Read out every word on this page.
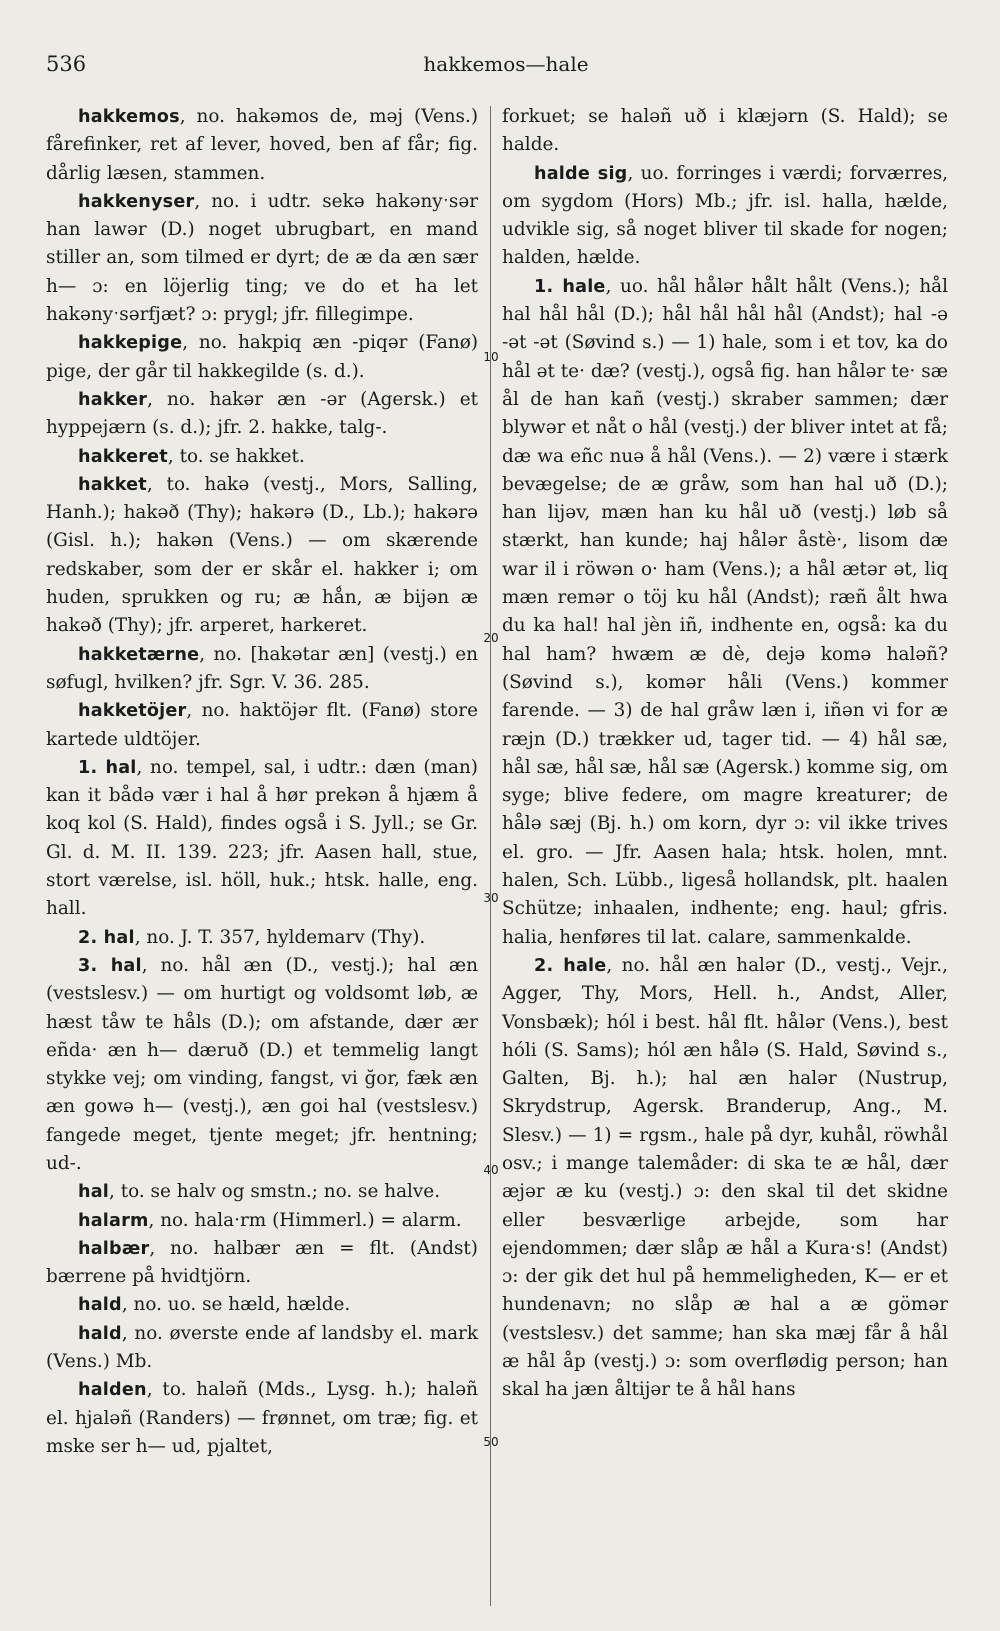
536	hakkemos—hale

hakkemos, no. hakəmos de, məj (Vens.) fårefinker, ret af lever, hoved, ben af får; fig. dårlig læsen, stammen.

hakkenyser, no. i udtr. sekə hakənyˑsər han lawər (D.) noget ubrugbart, en mand stiller an, som tilmed er dyrt; de æ da æn sær h— ɔ: en löjerlig ting; ve do et ha let hakənyˑsərfjæt? ɔ: prygl; jfr. fillegimpe.

hakkepige, no. hakpiq æn -piqər (Fanø) pige, der går til hakkegilde (s. d.).

hakker, no. hakər æn -ər (Agersk.) et hyppejærn (s. d.); jfr. 2. hakke, talg-.

hakkeret, to. se hakket.

hakket, to. hakə (vestj., Mors, Salling, Hanh.); hakəð (Thy); hakərə (D., Lb.); hakərə (Gisl. h.); hakən (Vens.) — om skærende redskaber, som der er skår el. hakker i; om huden, sprukken og ru; æ hǻn, æ bijən æ hakəð (Thy); jfr. arperet, harkeret.

hakketærne, no. [hakətar æn] (vestj.) en søfugl, hvilken? jfr. Sgr. V. 36. 285.

hakketöjer, no. haktöjər flt. (Fanø) store kartede uldtöjer.

1. hal, no. tempel, sal, i udtr.: dæn (man) kan it bådə vær i hal å hør prekən å hjæm å koq kol (S. Hald), findes også i S. Jyll.; se Gr. Gl. d. M. II. 139. 223; jfr. Aasen hall, stue, stort værelse, isl. höll, huk.; htsk. halle, eng. hall.

2. hal, no. J. T. 357, hyldemarv (Thy).

3. hal, no. hål æn (D., vestj.); hal æn (vestslesv.) — om hurtigt og voldsomt løb, æ hæst tåw te håls (D.); om afstande, dær ær eñda· æn h— dæruð (D.) et temmelig langt stykke vej; om vinding, fangst, vi ğor, fæk æn æn gowə h— (vestj.), æn goi hal (vestslesv.) fangede meget, tjente meget; jfr. hentning; ud-.

hal, to. se halv og smstn.; no. se halve.

halarm, no. hala·rm (Himmerl.) = alarm.

halbær, no. halbær æn = flt. (Andst) bærrene på hvidtjörn.

hald, no. uo. se hæld, hælde.

hald, no. øverste ende af landsby el. mark (Vens.) Mb.

halden, to. haləñ (Mds., Lysg. h.); haləñ el. hjaləñ (Randers) — frønnet, om træ; fig. et mske ser h— ud, pjaltet,

10
20
30
40
50

forkuet; se haləñ uð i klæjərn (S. Hald); se halde.

halde sig, uo. forringes i værdi; forværres, om sygdom (Hors) Mb.; jfr. isl. halla, hælde, udvikle sig, så noget bliver til skade for nogen; halden, hælde.

1. hale, uo. hål hålər hålt hålt (Vens.); hål hal hål hål (D.); hål hål hål hål (Andst); hal -ə -ət -ət (Søvind s.) — 1) hale, som i et tov, ka do hål ət te· dæ? (vestj.), også fig. han hålər te· sæ ål de han kañ (vestj.) skraber sammen; dær blywər et nåt o hål (vestj.) der bliver intet at få; dæ wa eñc nuə å hål (Vens.). — 2) være i stærk bevægelse; de æ gråw, som han hal uð (D.); han lijəv, mæn han ku hål uð (vestj.) løb så stærkt, han kunde; haj hålər åstè·, lisom dæ war il i röwən o· ham (Vens.); a hål ætər ət, liq mæn remər o töj ku hål (Andst); ræñ ålt hwa du ka hal! hal jèn iñ, indhente en, også: ka du hal ham? hwæm æ dè, dejə komə haləñ? (Søvind s.), komər håli (Vens.) kommer farende. — 3) de hal gråw læn i, iñən vi for æ ræjn (D.) trækker ud, tager tid. — 4) hål sæ, hål sæ, hål sæ, hål sæ (Agersk.) komme sig, om syge; blive federe, om magre kreaturer; de hålə sæj (Bj. h.) om korn, dyr ɔ: vil ikke trives el. gro. — Jfr. Aasen hala; htsk. holen, mnt. halen, Sch. Lübb., ligeså hollandsk, plt. haalen Schütze; inhaalen, indhente; eng. haul; gfris. halia, henføres til lat. calare, sammenkalde.

2. hale, no. hål æn halər (D., vestj., Vejr., Agger, Thy, Mors, Hell. h., Andst, Aller, Vonsbæk); hól i best. hål flt. hålər (Vens.), best hóli (S. Sams); hól æn hålə (S. Hald, Søvind s., Galten, Bj. h.); hal æn halər (Nustrup, Skrydstrup, Agersk. Branderup, Ang., M. Slesv.) — 1) = rgsm., hale på dyr, kuhål, röwhål osv.; i mange talemåder: di ska te æ hål, dær æjər æ ku (vestj.) ɔ: den skal til det skidne eller besværlige arbejde, som har ejendommen; dær slåp æ hål a Kura·s! (Andst) ɔ: der gik det hul på hemmeligheden, K— er et hundenavn; no slåp æ hal a æ gömər (vestslesv.) det samme; han ska mæj får å hål æ hål åp (vestj.) ɔ: som overflødig person; han skal ha jæn åltijər te å hål hans
